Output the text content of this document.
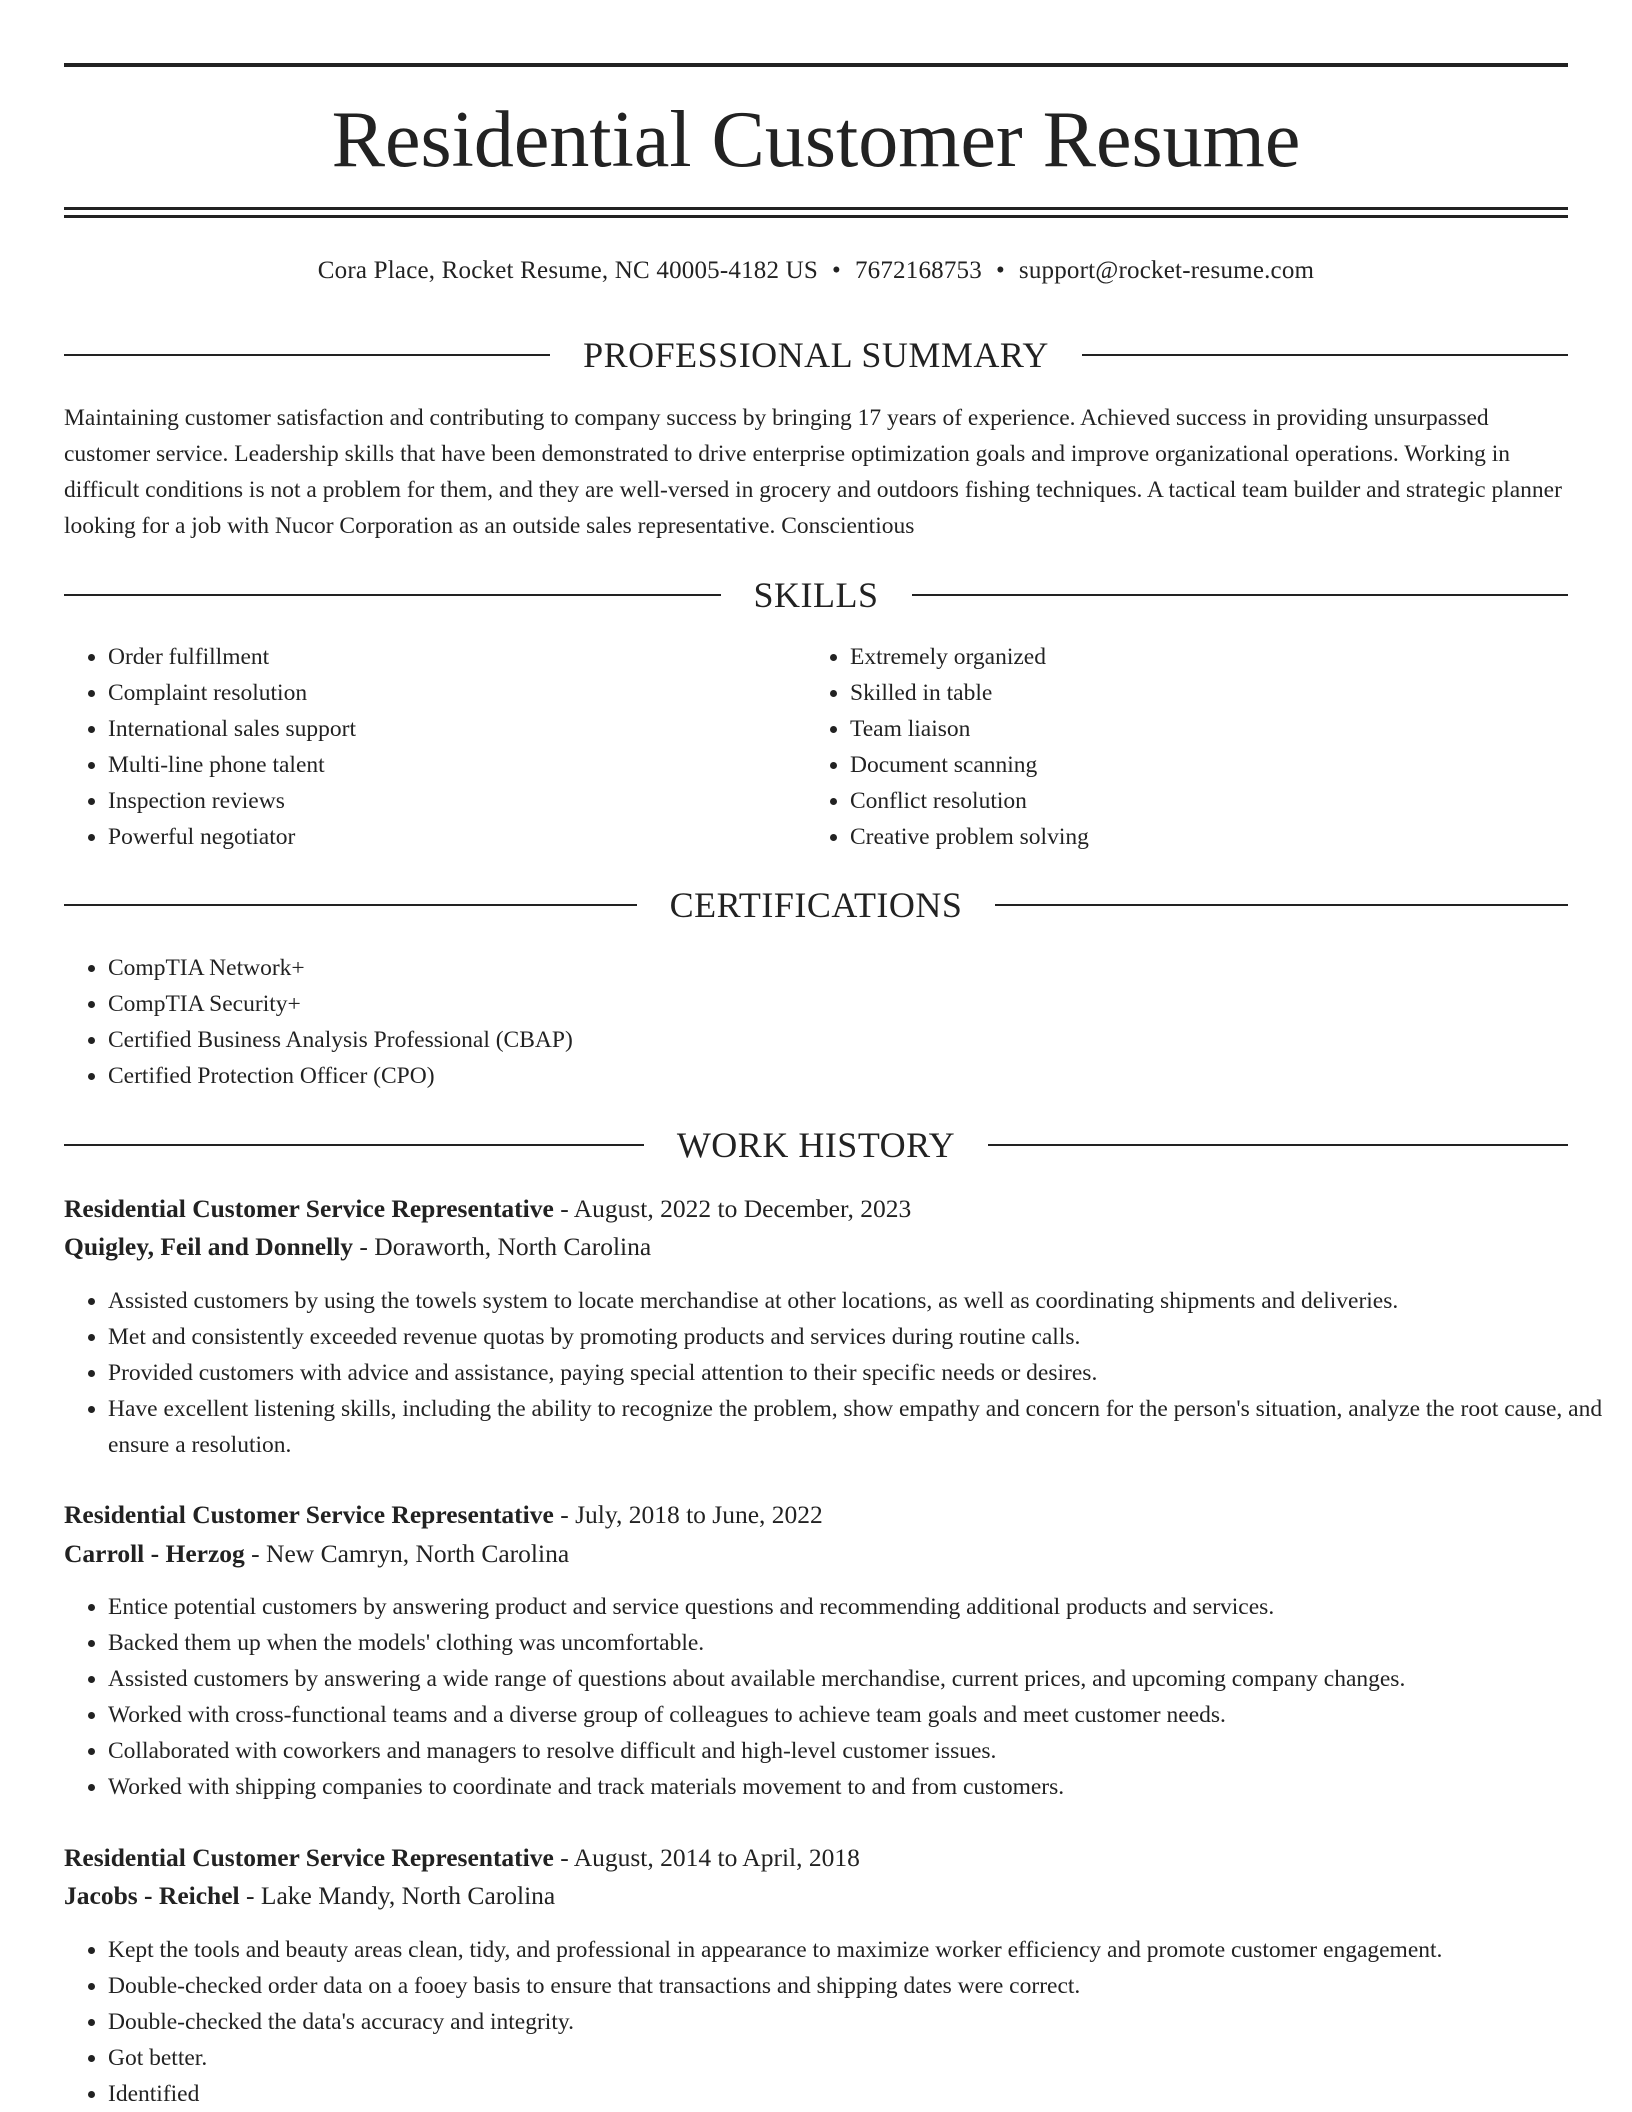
Residential Customer Resume
Cora Place, Rocket Resume, NC 40005-4182 US • 7672168753 • support@rocket-resume.com
PROFESSIONAL SUMMARY

Maintaining customer satisfaction and contributing to company success by bringing 17 years of experience. Achieved success in providing unsurpassed customer service. Leadership skills that have been demonstrated to drive enterprise optimization goals and improve organizational operations. Working in difficult conditions is not a problem for them, and they are well-versed in grocery and outdoors fishing techniques. A tactical team builder and strategic planner looking for a job with Nucor Corporation as an outside sales representative. Conscientious

SKILLS
• Order fulfillment
• Complaint resolution
• International sales support
• Multi-line phone talent
• Inspection reviews
• Powerful negotiator
• Extremely organized
• Skilled in table
• Team liaison
• Document scanning
• Conflict resolution
• Creative problem solving
CERTIFICATIONS
• CompTIA Network+
• CompTIA Security+
• Certified Business Analysis Professional (CBAP)
• Certified Protection Officer (CPO)
WORK HISTORY
Residential Customer Service Representative - August, 2022 to December, 2023
Quigley, Feil and Donnelly - Doraworth, North Carolina
• Assisted customers by using the towels system to locate merchandise at other locations, as well as coordinating shipments and deliveries.
• Met and consistently exceeded revenue quotas by promoting products and services during routine calls.
• Provided customers with advice and assistance, paying special attention to their specific needs or desires.
• Have excellent listening skills, including the ability to recognize the problem, show empathy and concern for the person's situation, analyze the root cause, and ensure a resolution.
Residential Customer Service Representative - July, 2018 to June, 2022
Carroll - Herzog - New Camryn, North Carolina
• Entice potential customers by answering product and service questions and recommending additional products and services.
• Backed them up when the models' clothing was uncomfortable.
• Assisted customers by answering a wide range of questions about available merchandise, current prices, and upcoming company changes.
• Worked with cross-functional teams and a diverse group of colleagues to achieve team goals and meet customer needs.
• Collaborated with coworkers and managers to resolve difficult and high-level customer issues.
• Worked with shipping companies to coordinate and track materials movement to and from customers.
Residential Customer Service Representative - August, 2014 to April, 2018
Jacobs - Reichel - Lake Mandy, North Carolina
• Kept the tools and beauty areas clean, tidy, and professional in appearance to maximize worker efficiency and promote customer engagement.
• Double-checked order data on a fooey basis to ensure that transactions and shipping dates were correct.
• Double-checked the data's accuracy and integrity.
• Got better.
• Identified
